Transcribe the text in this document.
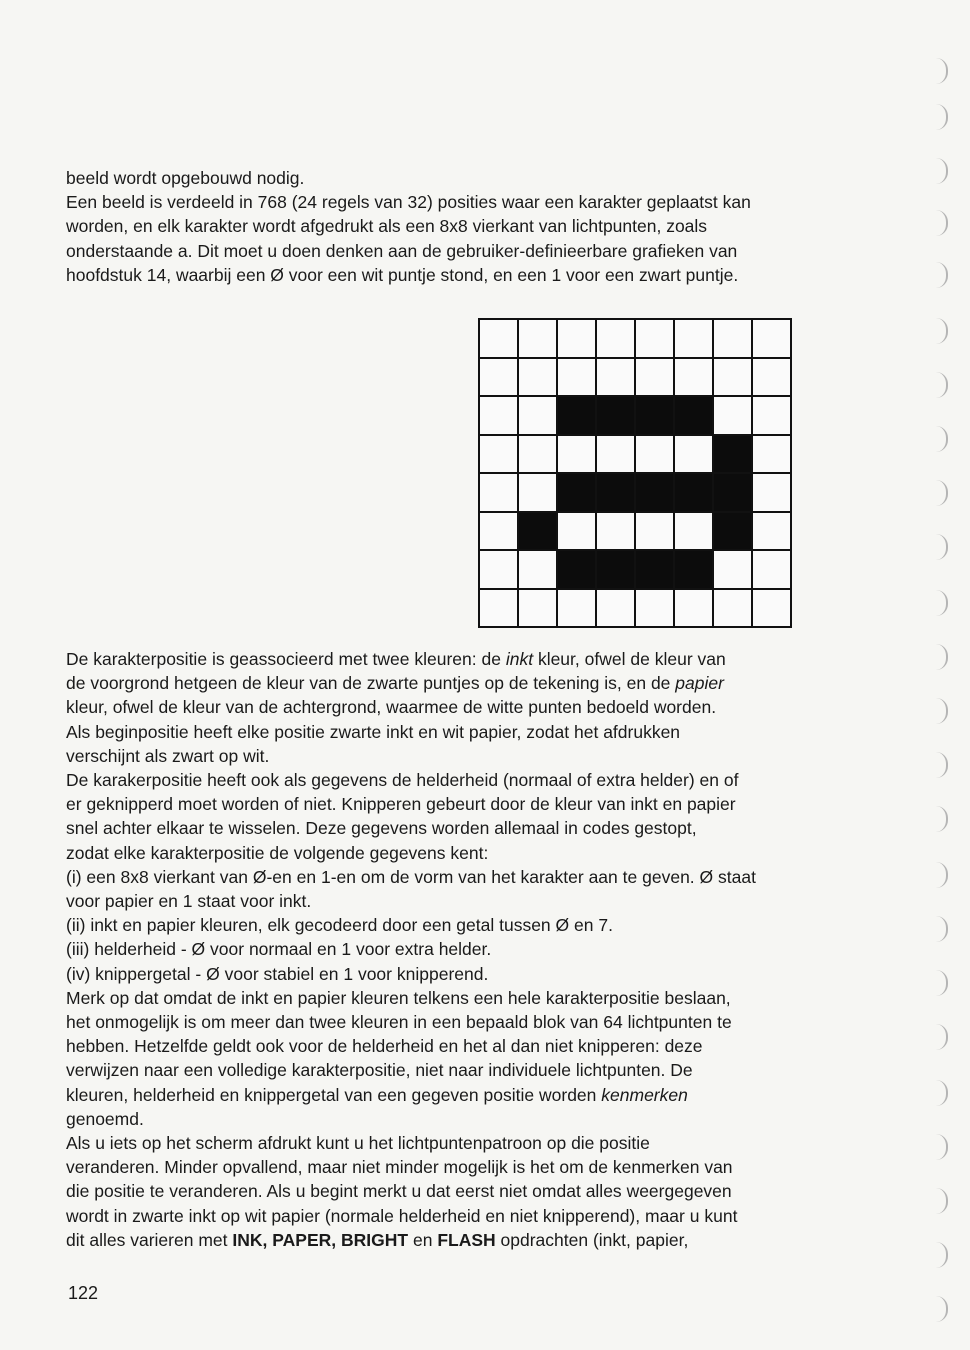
beeld wordt opgebouwd nodig.
Een beeld is verdeeld in 768 (24 regels van 32) posities waar een karakter geplaatst kan
worden, en elk karakter wordt afgedrukt als een 8x8 vierkant van lichtpunten, zoals
onderstaande a. Dit moet u doen denken aan de gebruiker-definieerbare grafieken van
hoofdstuk 14, waarbij een Ø voor een wit puntje stond, en een 1 voor een zwart puntje.

De karakterpositie is geassocieerd met twee kleuren: de inkt kleur, ofwel de kleur van
de voorgrond hetgeen de kleur van de zwarte puntjes op de tekening is, en de papier
kleur, ofwel de kleur van de achtergrond, waarmee de witte punten bedoeld worden.
Als beginpositie heeft elke positie zwarte inkt en wit papier, zodat het afdrukken
verschijnt als zwart op wit.
De karakerpositie heeft ook als gegevens de helderheid (normaal of extra helder) en of
er geknipperd moet worden of niet. Knipperen gebeurt door de kleur van inkt en papier
snel achter elkaar te wisselen. Deze gegevens worden allemaal in codes gestopt,
zodat elke karakterpositie de volgende gegevens kent:
(i) een 8x8 vierkant van Ø-en en 1-en om de vorm van het karakter aan te geven. Ø staat
voor papier en 1 staat voor inkt.
(ii) inkt en papier kleuren, elk gecodeerd door een getal tussen Ø en 7.
(iii) helderheid - Ø voor normaal en 1 voor extra helder.
(iv) knippergetal - Ø voor stabiel en 1 voor knipperend.
Merk op dat omdat de inkt en papier kleuren telkens een hele karakterpositie beslaan,
het onmogelijk is om meer dan twee kleuren in een bepaald blok van 64 lichtpunten te
hebben. Hetzelfde geldt ook voor de helderheid en het al dan niet knipperen: deze
verwijzen naar een volledige karakterpositie, niet naar individuele lichtpunten. De
kleuren, helderheid en knippergetal van een gegeven positie worden kenmerken
genoemd.
Als u iets op het scherm afdrukt kunt u het lichtpuntenpatroon op die positie
veranderen. Minder opvallend, maar niet minder mogelijk is het om de kenmerken van
die positie te veranderen. Als u begint merkt u dat eerst niet omdat alles weergegeven
wordt in zwarte inkt op wit papier (normale helderheid en niet knipperend), maar u kunt
dit alles varieren met INK, PAPER, BRIGHT en FLASH opdrachten (inkt, papier,

122
